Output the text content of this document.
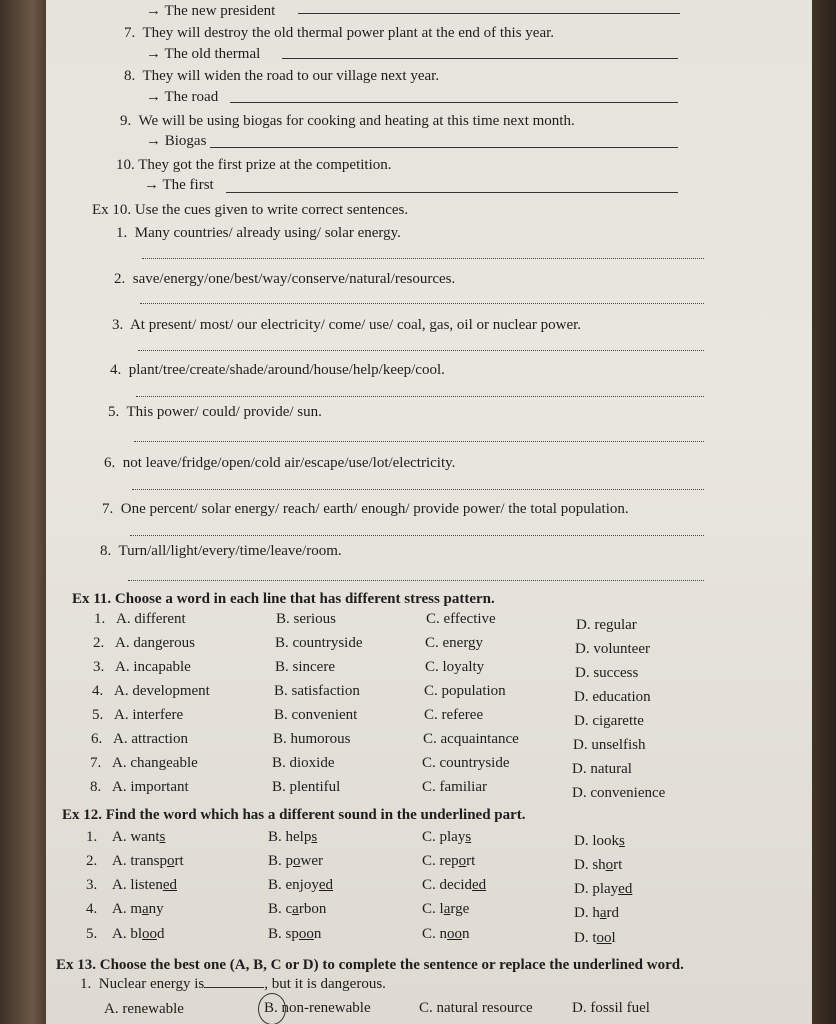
→ The new president
7. They will destroy the old thermal power plant at the end of this year.
→ The old thermal
8. They will widen the road to our village next year.
→ The road
9. We will be using biogas for cooking and heating at this time next month.
→ Biogas
10. They got the first prize at the competition.
→ The first
Ex 10. Use the cues given to write correct sentences.
1. Many countries/ already using/ solar energy.
2. save/energy/one/best/way/conserve/natural/resources.
3. At present/ most/ our electricity/ come/ use/ coal, gas, oil or nuclear power.
4. plant/tree/create/shade/around/house/help/keep/cool.
5. This power/ could/ provide/ sun.
6. not leave/fridge/open/cold air/escape/use/lot/electricity.
7. One percent/ solar energy/ reach/ earth/ enough/ provide power/ the total population.
8. Turn/all/light/every/time/leave/room.
Ex 11. Choose a word in each line that has different stress pattern.
1. A. different	B. serious	C. effective	D. regular
2. A. dangerous	B. countryside	C. energy	D. volunteer
3. A. incapable	B. sincere	C. loyalty	D. success
4. A. development	B. satisfaction	C. population	D. education
5. A. interfere	B. convenient	C. referee	D. cigarette
6. A. attraction	B. humorous	C. acquaintance	D. unselfish
7. A. changeable	B. dioxide	C. countryside	D. natural
8. A. important	B. plentiful	C. familiar	D. convenience
Ex 12. Find the word which has a different sound in the underlined part.
1. A. wants	B. helps	C. plays	D. looks
2. A. transport	B. power	C. report	D. short
3. A. listened	B. enjoyed	C. decided	D. played
4. A. many	B. carbon	C. large	D. hard
5. A. blood	B. spoon	C. noon	D. tool
Ex 13. Choose the best one (A, B, C or D) to complete the sentence or replace the underlined word.
1. Nuclear energy is	, but it is dangerous.
A. renewable	B. non-renewable	C. natural resource	D. fossil fuel
